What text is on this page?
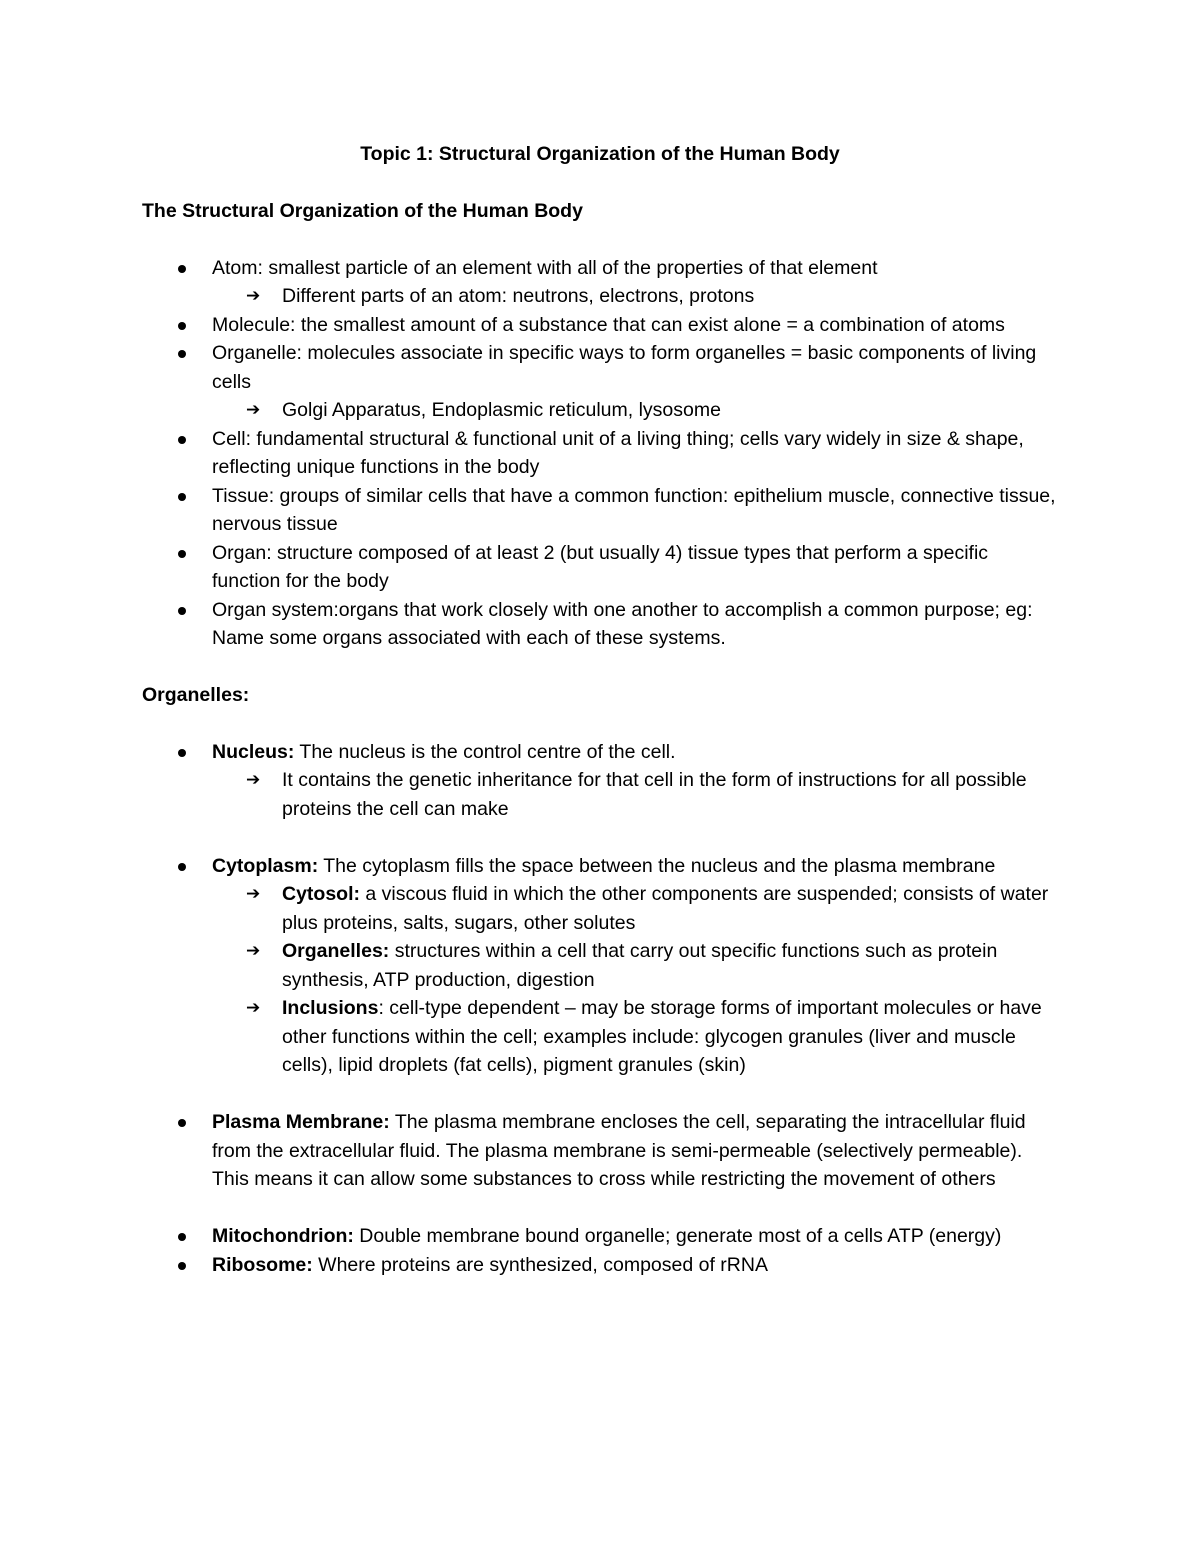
Topic 1: Structural Organization of the Human Body

The Structural Organization of the Human Body

Atom: smallest particle of an element with all of the properties of that element
➔ Different parts of an atom: neutrons, electrons, protons
Molecule: the smallest amount of a substance that can exist alone = a combination of atoms
Organelle: molecules associate in specific ways to form organelles = basic components of living cells
➔ Golgi Apparatus, Endoplasmic reticulum, lysosome
Cell: fundamental structural & functional unit of a living thing; cells vary widely in size & shape, reflecting unique functions in the body
Tissue: groups of similar cells that have a common function: epithelium muscle, connective tissue, nervous tissue
Organ: structure composed of at least 2 (but usually 4) tissue types that perform a specific function for the body
Organ system:organs that work closely with one another to accomplish a common purpose; eg: Name some organs associated with each of these systems.

Organelles:

Nucleus: The nucleus is the control centre of the cell.
➔ It contains the genetic inheritance for that cell in the form of instructions for all possible proteins the cell can make
Cytoplasm: The cytoplasm fills the space between the nucleus and the plasma membrane
➔ Cytosol: a viscous fluid in which the other components are suspended; consists of water plus proteins, salts, sugars, other solutes
➔ Organelles: structures within a cell that carry out specific functions such as protein synthesis, ATP production, digestion
➔ Inclusions: cell-type dependent – may be storage forms of important molecules or have other functions within the cell; examples include: glycogen granules (liver and muscle cells), lipid droplets (fat cells), pigment granules (skin)
Plasma Membrane: The plasma membrane encloses the cell, separating the intracellular fluid from the extracellular fluid. The plasma membrane is semi-permeable (selectively permeable). This means it can allow some substances to cross while restricting the movement of others
Mitochondrion: Double membrane bound organelle; generate most of a cells ATP (energy)
Ribosome: Where proteins are synthesized, composed of rRNA
